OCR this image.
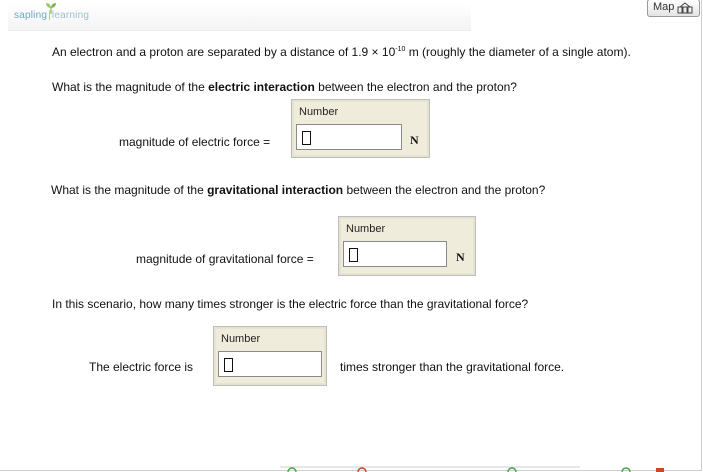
sapling|learning
Map
An electron and a proton are separated by a distance of $1.9 \times 10^{-10}$ m (roughly the diameter of a single atom).
What is the magnitude of the electric interaction between the electron and the proton?
magnitude of electric force =
Number
N
What is the magnitude of the gravitational interaction between the electron and the proton?
magnitude of gravitational force =
Number
N
In this scenario, how many times stronger is the electric force than the gravitational force?
The electric force is
Number
times stronger than the gravitational force.
